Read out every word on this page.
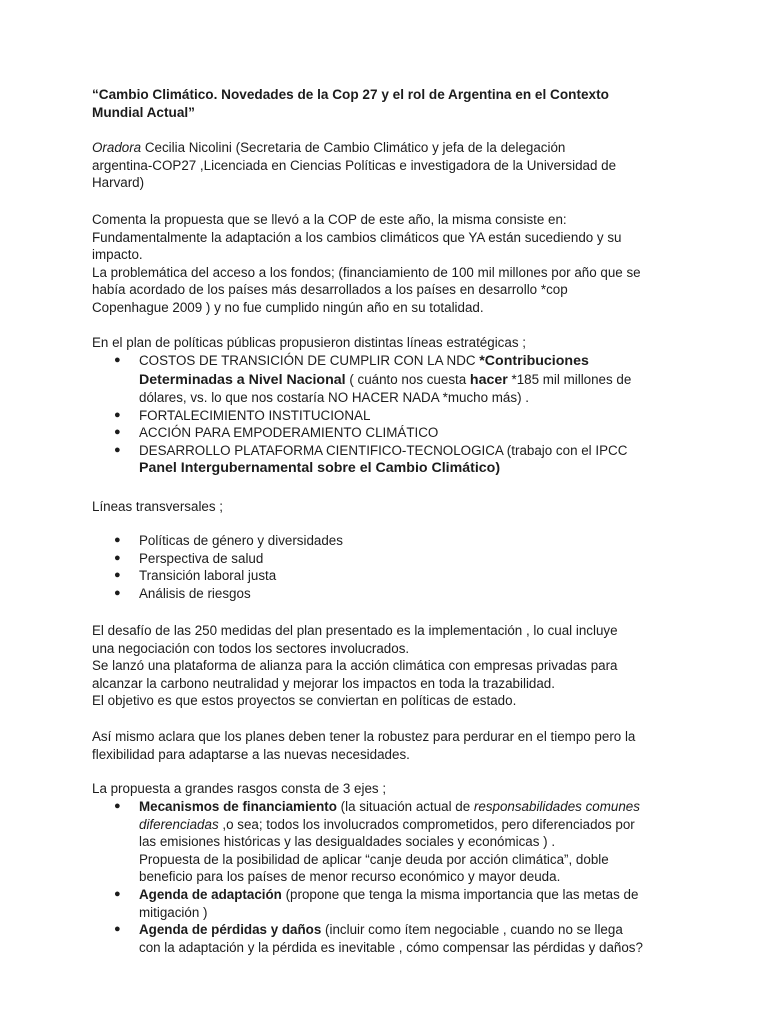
“Cambio Climático. Novedades de la Cop 27 y el rol de Argentina en el Contexto
Mundial Actual”

Oradora Cecilia Nicolini (Secretaria de Cambio Climático y jefa de la delegación
argentina-COP27 ,Licenciada en Ciencias Políticas e investigadora de la Universidad de
Harvard)

Comenta la propuesta que se llevó a la COP de este año, la misma consiste en:
Fundamentalmente la adaptación a los cambios climáticos que YA están sucediendo y su
impacto.
La problemática del acceso a los fondos; (financiamiento de 100 mil millones por año que se
había acordado de los países más desarrollados a los países en desarrollo *cop
Copenhague 2009 ) y no fue cumplido ningún año en su totalidad.

En el plan de políticas públicas propusieron distintas líneas estratégicas ;

● COSTOS DE TRANSICIÓN DE CUMPLIR CON LA NDC *Contribuciones
Determinadas a Nivel Nacional ( cuánto nos cuesta hacer *185 mil millones de
dólares, vs. lo que nos costaría NO HACER NADA *mucho más) .
● FORTALECIMIENTO INSTITUCIONAL
● ACCIÓN PARA EMPODERAMIENTO CLIMÁTICO
● DESARROLLO PLATAFORMA CIENTIFICO-TECNOLOGICA (trabajo con el IPCC
Panel Intergubernamental sobre el Cambio Climático)

Líneas transversales ;

● Políticas de género y diversidades
● Perspectiva de salud
● Transición laboral justa
● Análisis de riesgos

El desafío de las 250 medidas del plan presentado es la implementación , lo cual incluye
una negociación con todos los sectores involucrados.
Se lanzó una plataforma de alianza para la acción climática con empresas privadas para
alcanzar la carbono neutralidad y mejorar los impactos en toda la trazabilidad.
El objetivo es que estos proyectos se conviertan en políticas de estado.

Así mismo aclara que los planes deben tener la robustez para perdurar en el tiempo pero la
flexibilidad para adaptarse a las nuevas necesidades.

La propuesta a grandes rasgos consta de 3 ejes ;

● Mecanismos de financiamiento (la situación actual de responsabilidades comunes
diferenciadas ,o sea; todos los involucrados comprometidos, pero diferenciados por
las emisiones históricas y las desigualdades sociales y económicas ) .
Propuesta de la posibilidad de aplicar “canje deuda por acción climática”, doble
beneficio para los países de menor recurso económico y mayor deuda.
● Agenda de adaptación (propone que tenga la misma importancia que las metas de
mitigación )
● Agenda de pérdidas y daños (incluir como ítem negociable , cuando no se llega
con la adaptación y la pérdida es inevitable , cómo compensar las pérdidas y daños?
